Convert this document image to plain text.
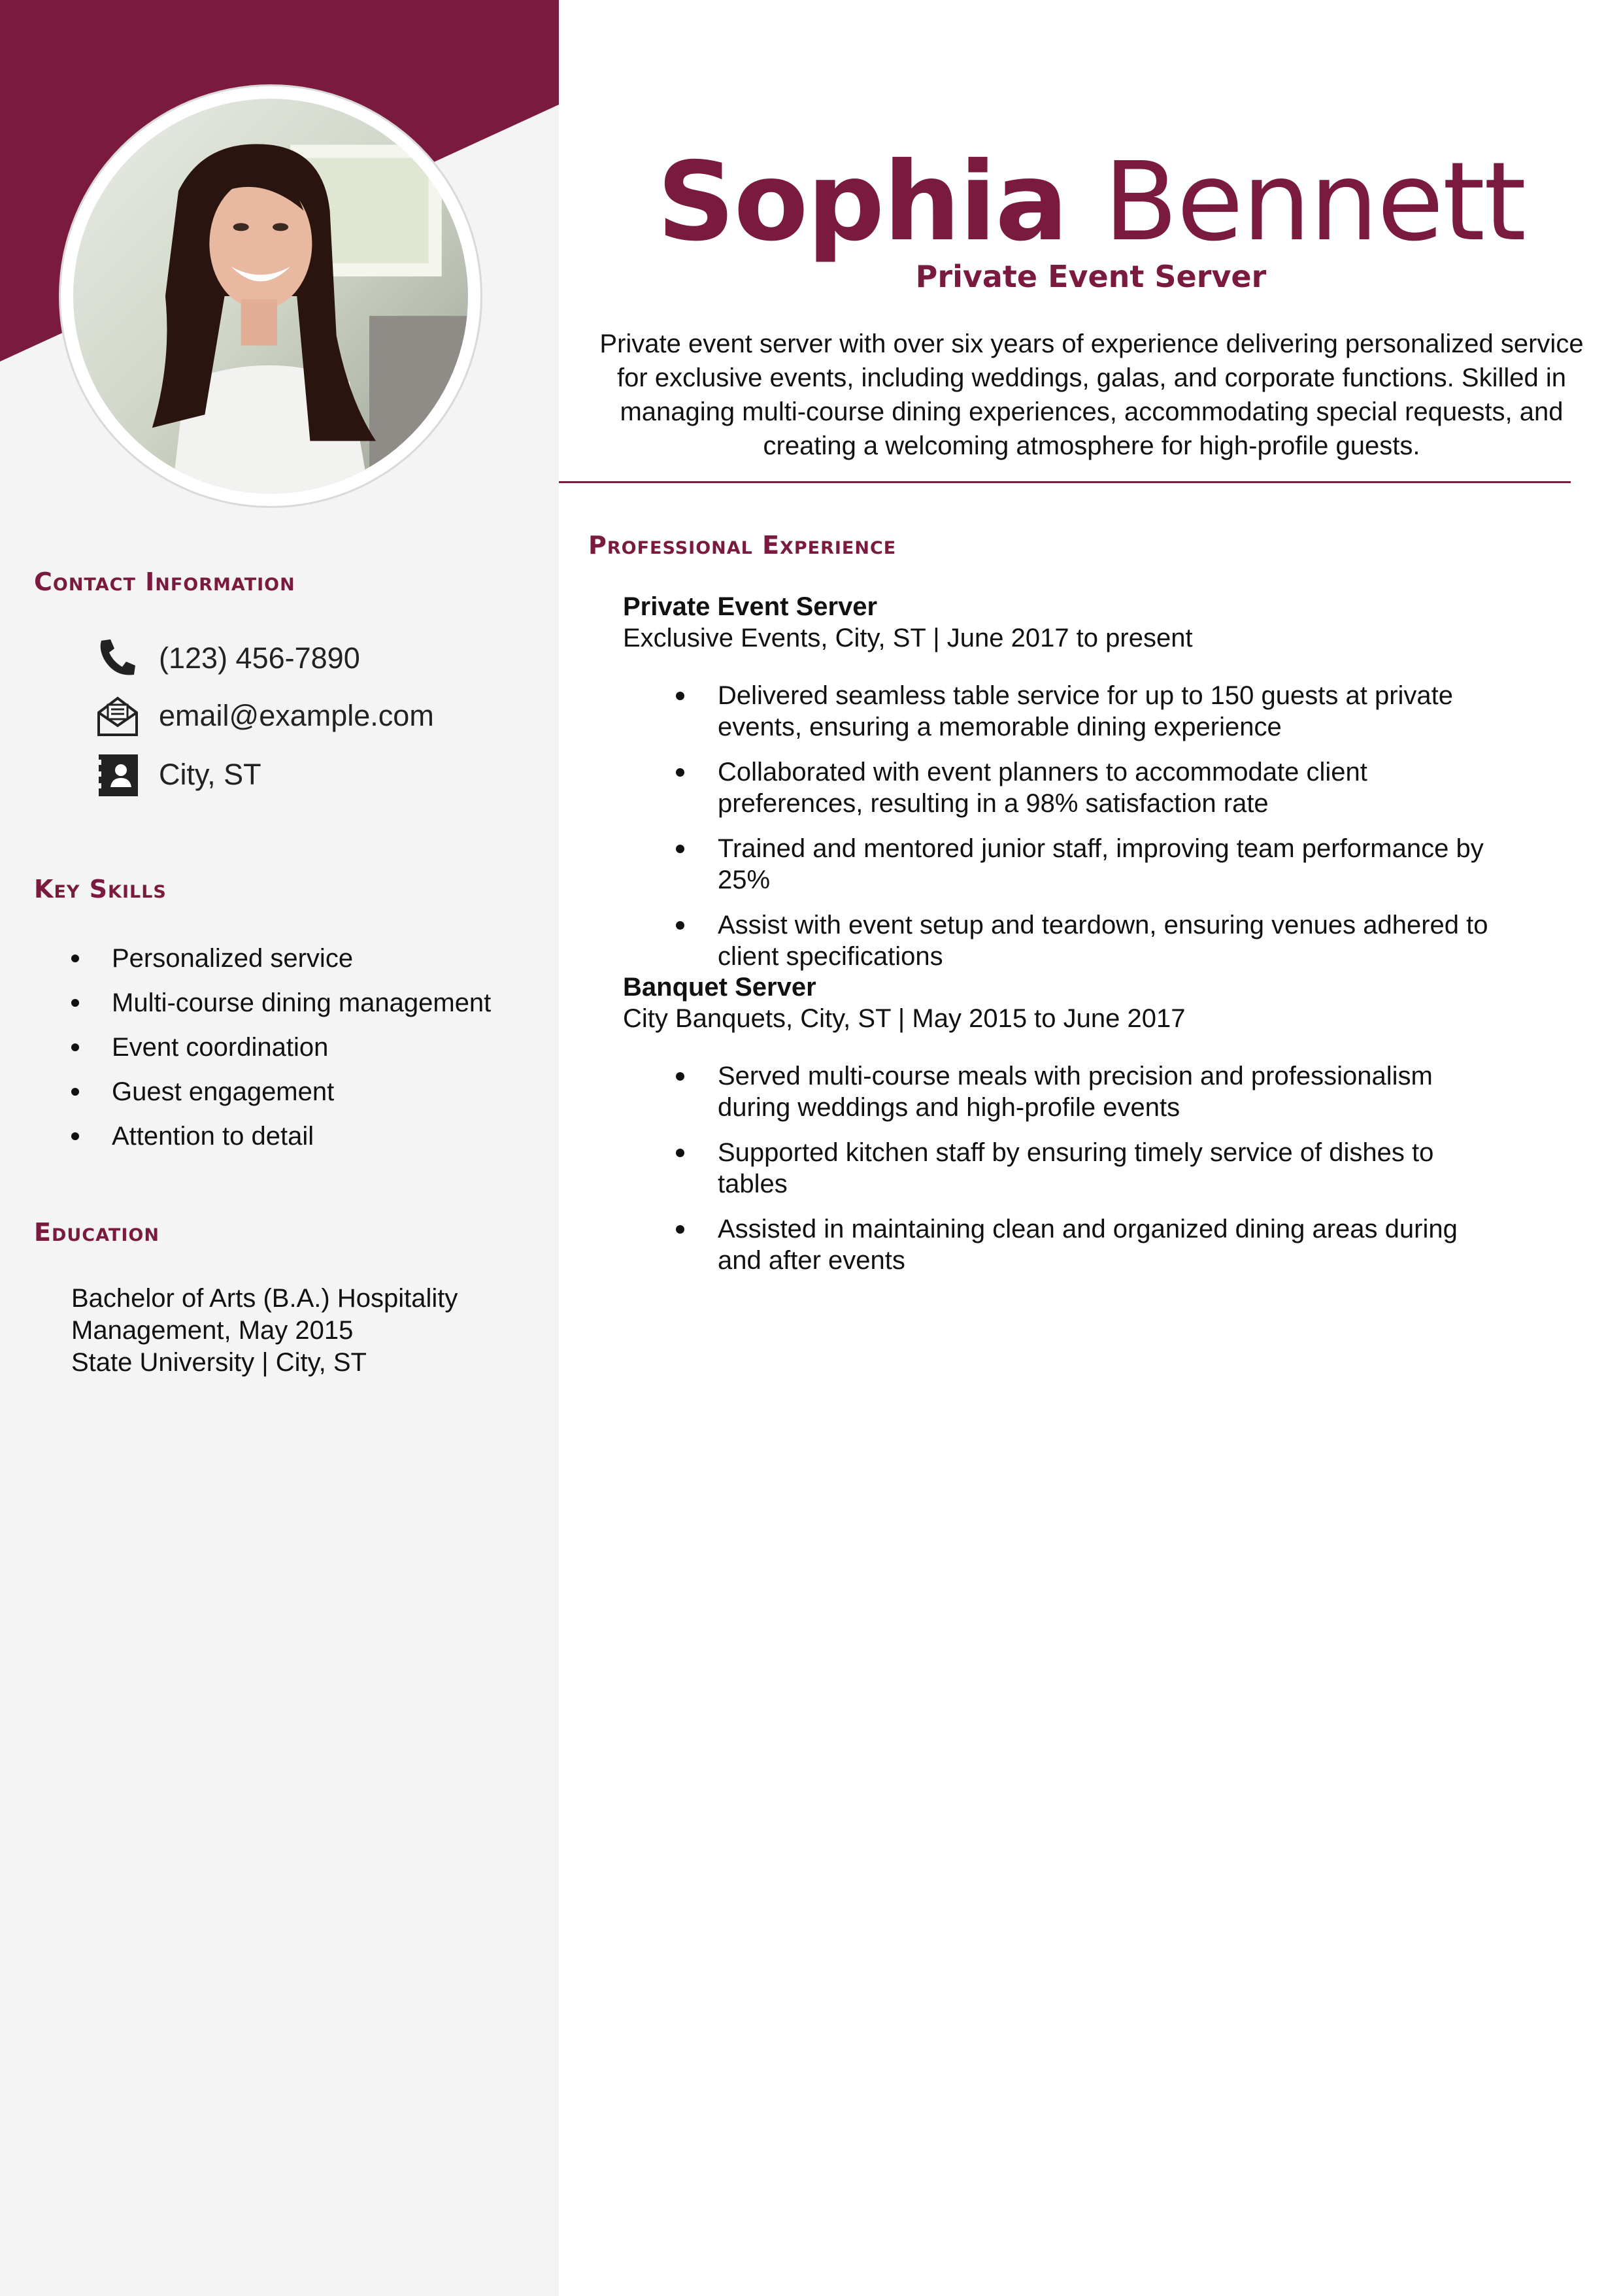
Contact Information
(123) 456-7890
email@example.com
City, ST
Key Skills
Personalized service
Multi-course dining management
Event coordination
Guest engagement
Attention to detail
Education
Bachelor of Arts (B.A.) Hospitality
Management, May 2015
State University | City, ST
Sophia Bennett
Private Event Server

Private event server with over six years of experience delivering personalized service for exclusive events, including weddings, galas, and corporate functions. Skilled in managing multi-course dining experiences, accommodating special requests, and creating a welcoming atmosphere for high-profile guests.

Professional Experience
Private Event Server
Exclusive Events, City, ST | June 2017 to present
Delivered seamless table service for up to 150 guests at private events, ensuring a memorable dining experience
Collaborated with event planners to accommodate client preferences, resulting in a 98% satisfaction rate
Trained and mentored junior staff, improving team performance by 25%
Assist with event setup and teardown, ensuring venues adhered to client specifications
Banquet Server
City Banquets, City, ST | May 2015 to June 2017
Served multi-course meals with precision and professionalism during weddings and high-profile events
Supported kitchen staff by ensuring timely service of dishes to tables
Assisted in maintaining clean and organized dining areas during and after events
